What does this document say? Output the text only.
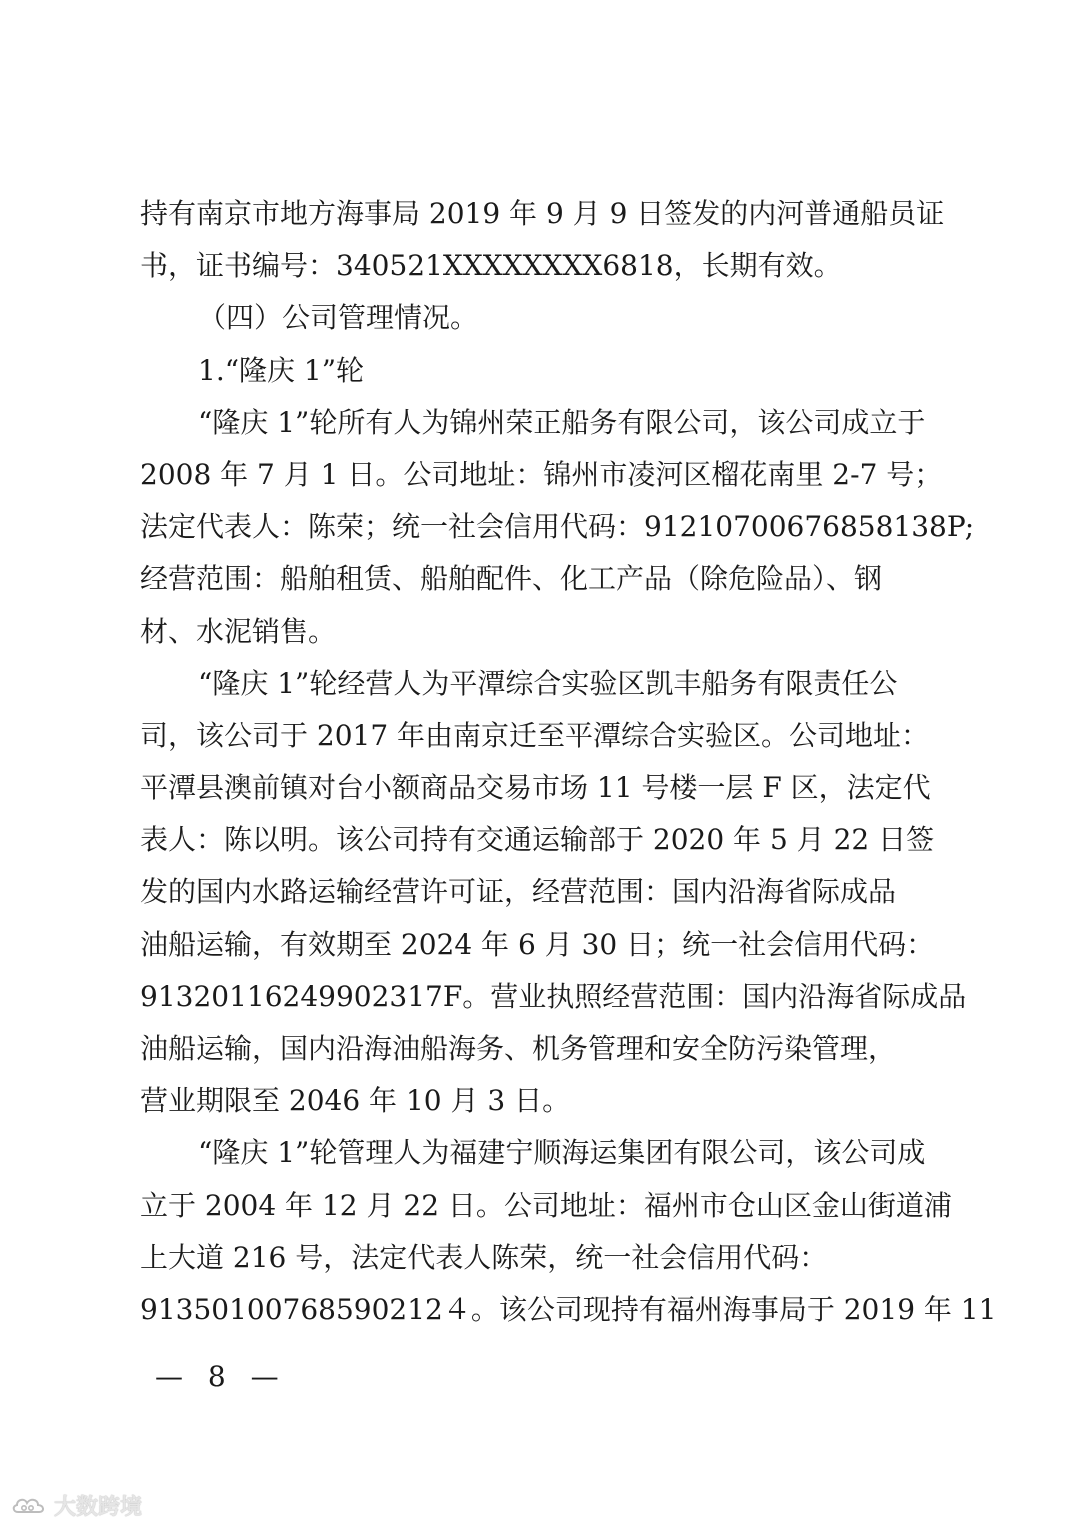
持有南京市地方海事局 2019 年 9 月 9 日签发的内河普通船员证
书，证书编号：340521XXXXXXXX6818，长期有效。
（四）公司管理情况。
1.“隆庆 1”轮
“隆庆 1”轮所有人为锦州荣正船务有限公司，该公司成立于
2008 年 7 月 1 日。公司地址：锦州市凌河区榴花南里 2-7 号；
法定代表人：陈荣；统一社会信用代码：91210700676858138P;
经营范围：船舶租赁、船舶配件、化工产品（除危险品）、钢
材、水泥销售。
“隆庆 1”轮经营人为平潭综合实验区凯丰船务有限责任公
司，该公司于 2017 年由南京迁至平潭综合实验区。公司地址：
平潭县澳前镇对台小额商品交易市场 11 号楼一层 F 区，法定代
表人：陈以明。该公司持有交通运输部于 2020 年 5 月 22 日签
发的国内水路运输经营许可证，经营范围：国内沿海省际成品
油船运输，有效期至 2024 年 6 月 30 日；统一社会信用代码：
91320116249902317F。营业执照经营范围：国内沿海省际成品
油船运输，国内沿海油船海务、机务管理和安全防污染管理，
营业期限至 2046 年 10 月 3 日。
“隆庆 1”轮管理人为福建宁顺海运集团有限公司，该公司成
立于 2004 年 12 月 22 日。公司地址：福州市仓山区金山街道浦
上大道 216 号，法定代表人陈荣，统一社会信用代码：
91350100768590212４。该公司现持有福州海事局于 2019 年 11
— 8 —
大数跨境
